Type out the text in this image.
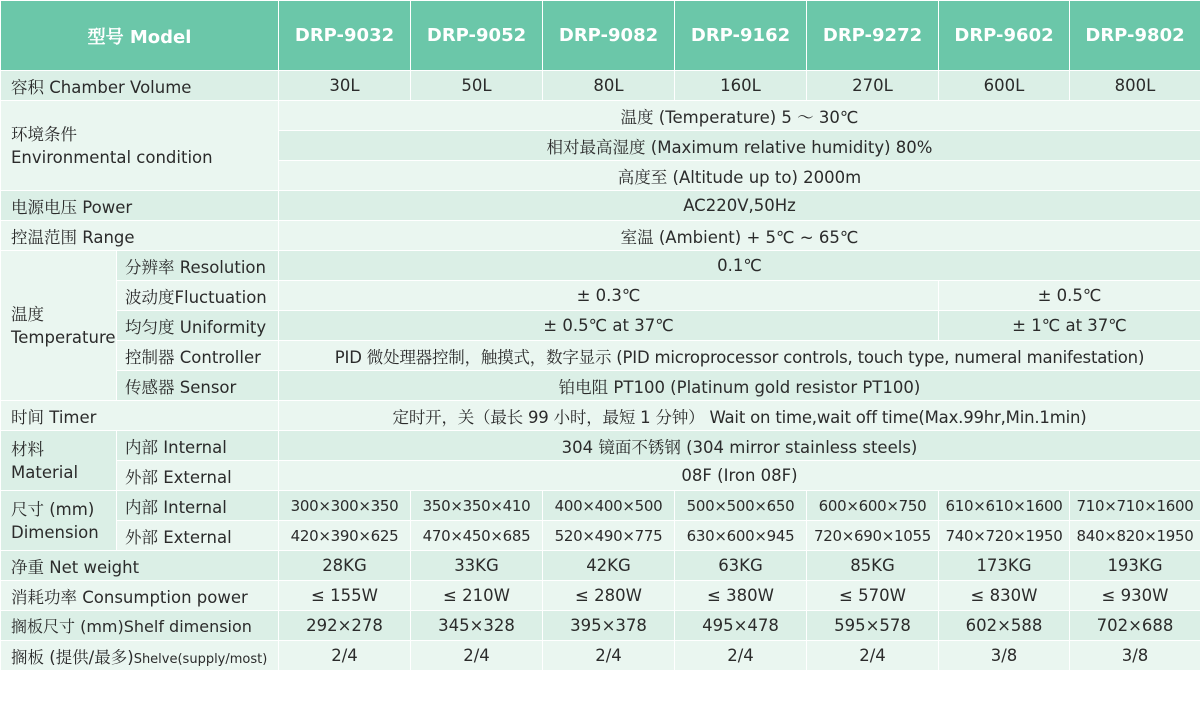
型号 Model		DRP-9032	DRP-9052	DRP-9082	DRP-9162	DRP-9272	DRP-9602	DRP-9802
容积 Chamber Volume		30L	50L	80L	160L	270L	600L	800L

环境条件
Environmental condition		温度 (Temperature) 5 ～ 30℃						
		相对最高湿度 (Maximum relative humidity) 80%						
		高度至 (Altitude up to) 2000m						
电源电压 Power		AC220V,50Hz						
控温范围 Range		室温 (Ambient) + 5℃ ~ 65℃						

温度
Temperature	分辨率 Resolution	0.1℃						
	波动度Fluctuation	± 0.3℃					± 0.5℃	
	均匀度 Uniformity	± 0.5℃ at 37℃					± 1℃ at 37℃	
	控制器 Controller	PID 微处理器控制，触摸式，数字显示 (PID microprocessor controls, touch type, numeral manifestation)						
	传感器 Sensor	铂电阻 PT100 (Platinum gold resistor PT100)						
时间 Timer		定时开，关（最长 99 小时，最短 1 分钟） Wait on time,wait off time(Max.99hr,Min.1min)						

材料
Material	内部 Internal	304 镜面不锈钢 (304 mirror stainless steels)						
	外部 External	08F (Iron 08F)						

尺寸 (mm)
Dimension	内部 Internal	300×300×350	350×350×410	400×400×500	500×500×650	600×600×750	610×610×1600	710×710×1600
	外部 External	420×390×625	470×450×685	520×490×775	630×600×945	720×690×1055	740×720×1950	840×820×1950
净重 Net weight		28KG	33KG	42KG	63KG	85KG	173KG	193KG
消耗功率 Consumption power		≤ 155W	≤ 210W	≤ 280W	≤ 380W	≤ 570W	≤ 830W	≤ 930W
搁板尺寸 (mm)Shelf dimension		292×278	345×328	395×378	495×478	595×578	602×588	702×688
搁板 (提供/最多)Shelve(supply/most)		2/4	2/4	2/4	2/4	2/4	3/8	3/8
